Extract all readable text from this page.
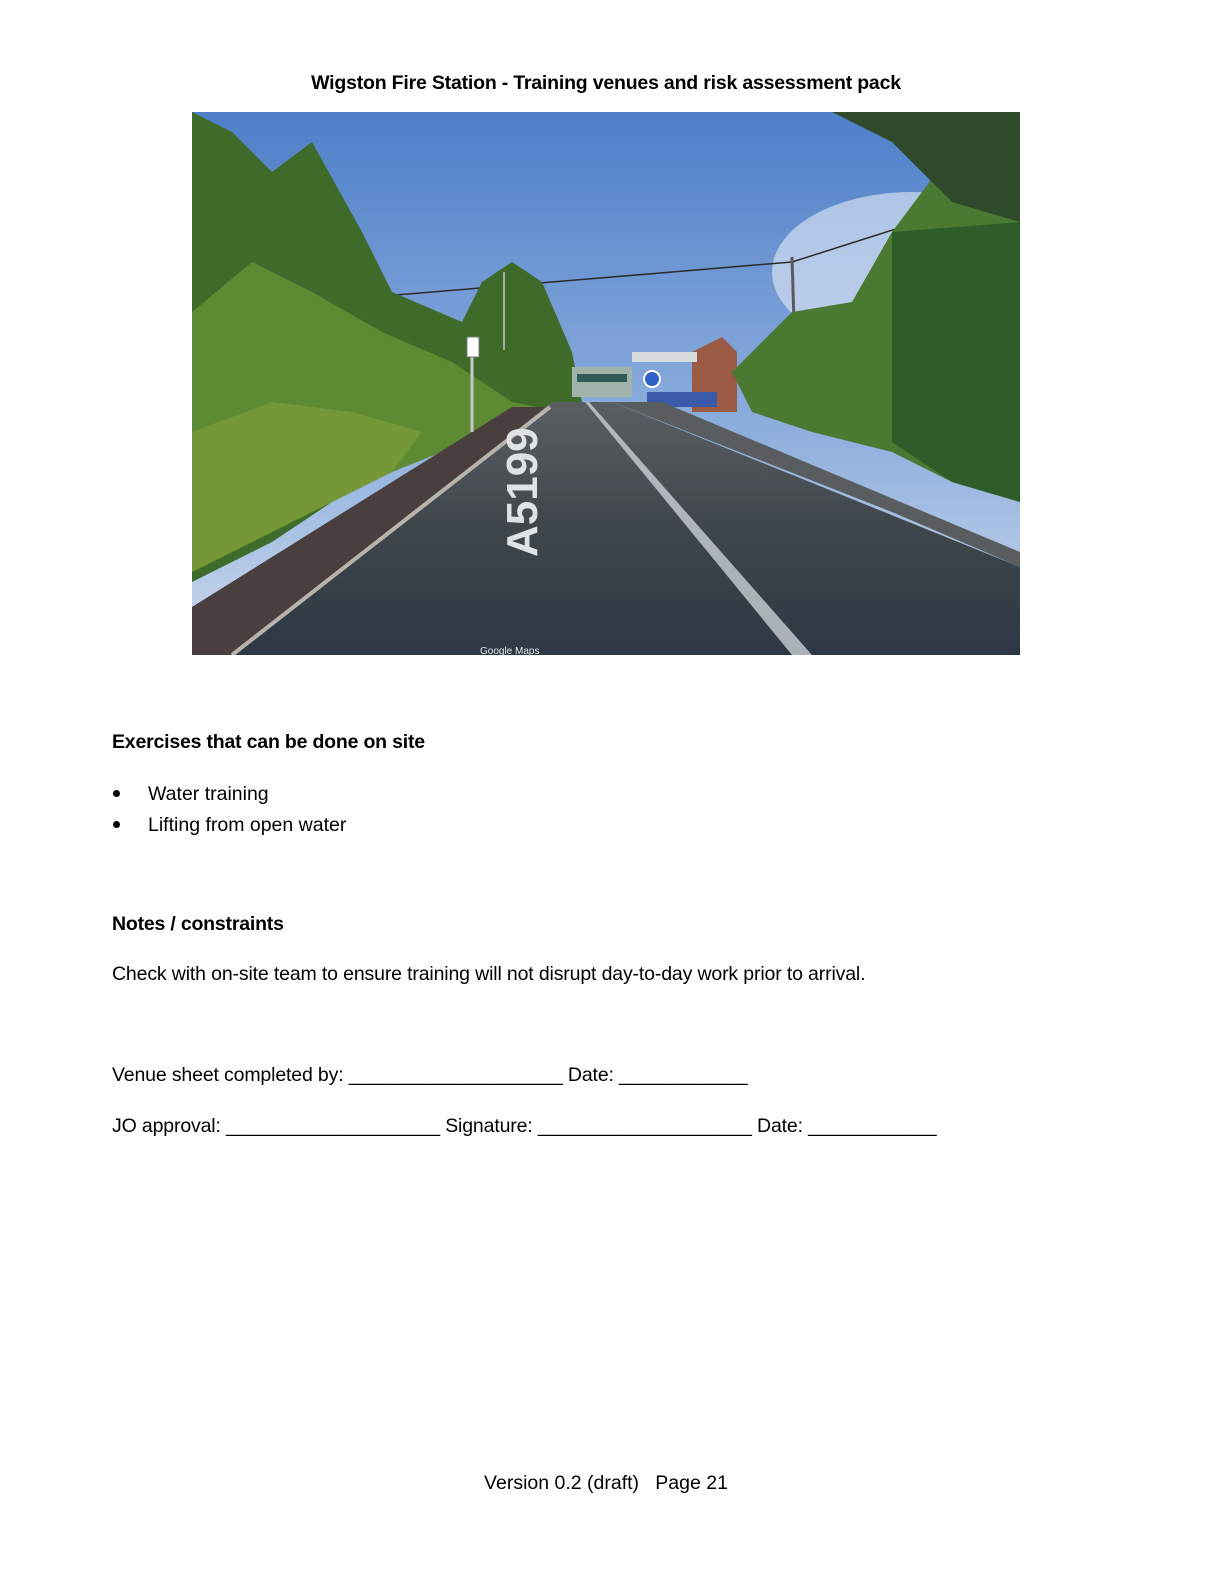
Wigston Fire Station - Training venues and risk assessment pack
A5199
Google Maps
Exercises that can be done on site
Water training
Lifting from open water
Notes / constraints
Check with on-site team to ensure training will not disrupt day-to-day work prior to arrival.
Venue sheet completed by: ____________________ Date: ____________
JO approval: ____________________ Signature: ____________________ Date: ____________
Version 0.2 (draft)   Page 21
